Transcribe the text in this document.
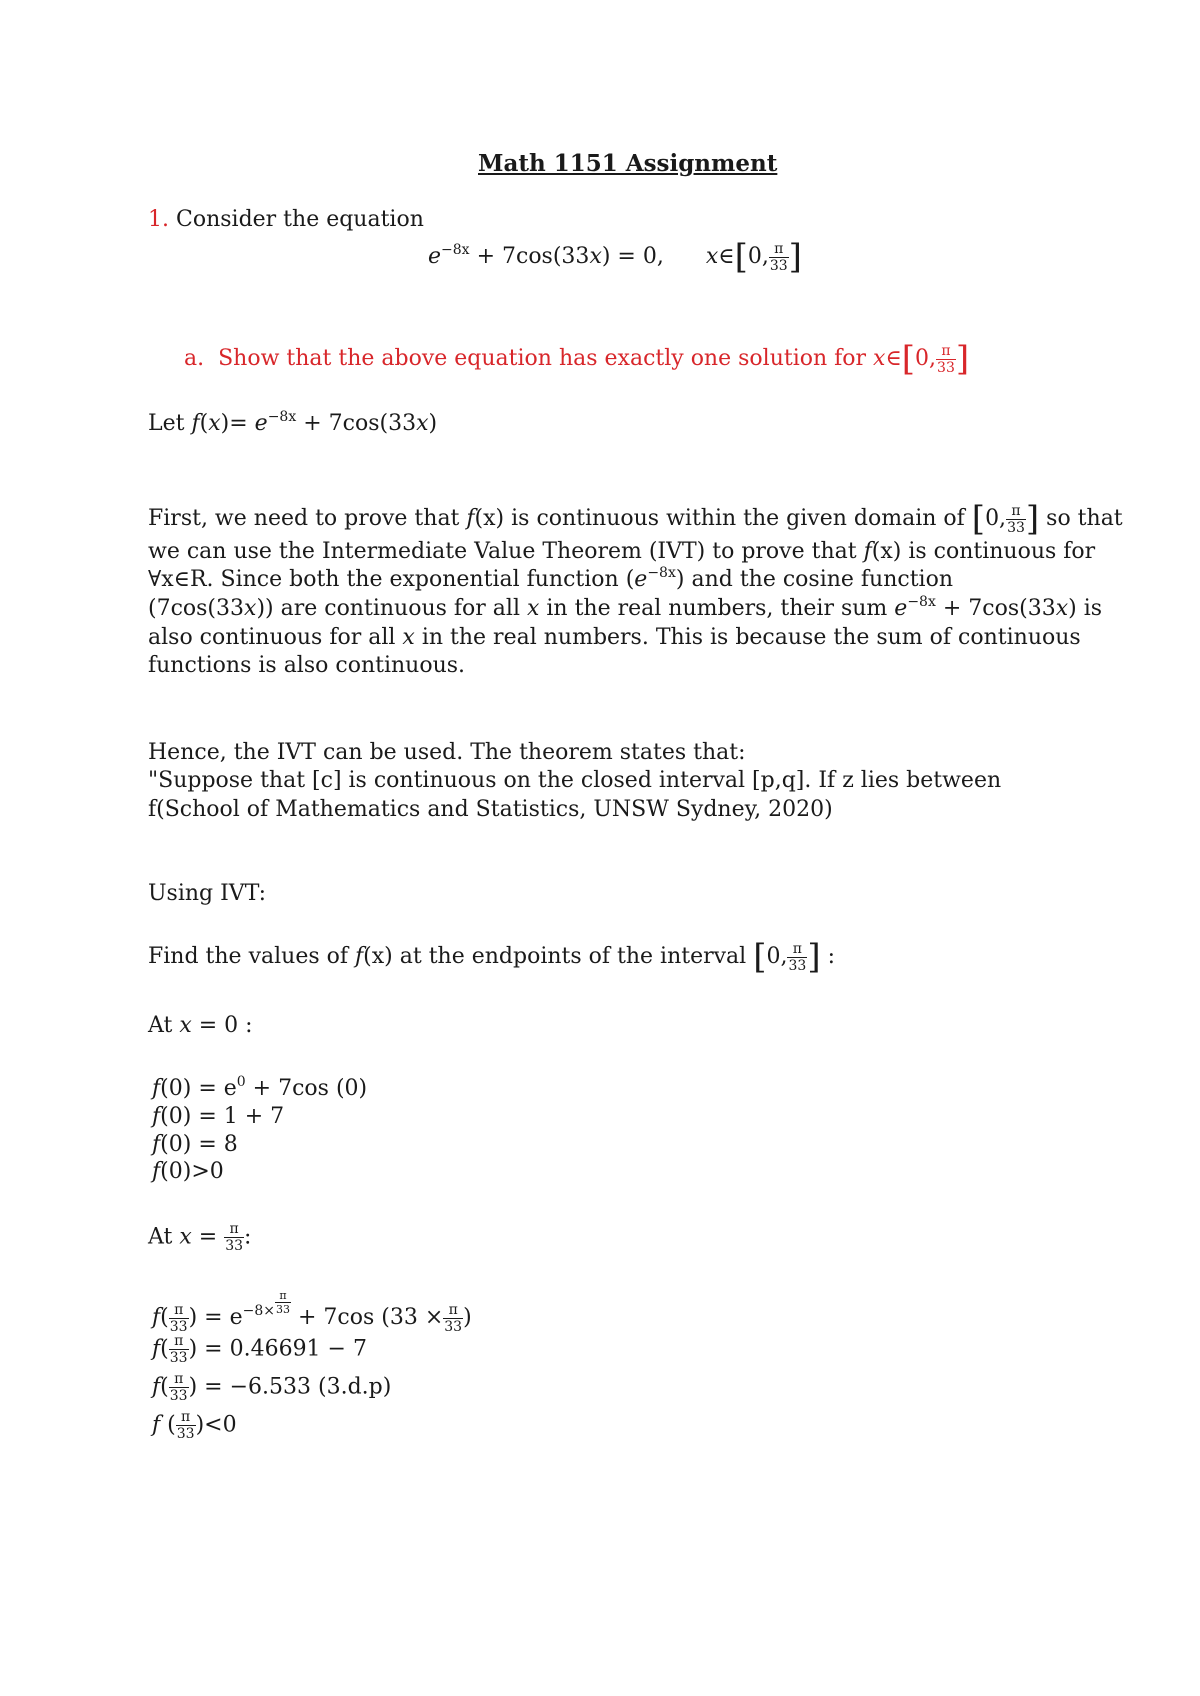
Math 1151 Assignment
1. Consider the equation
$e^{-8x} + 7\cos(33x) = 0$, x∈[0, $\frac{\pi}{33}$ ]
a. Show that the above equation has exactly one solution for x∈[0, $\frac{\pi}{33}$ ]
Let $f(x)= e^{-8x} + 7\cos(33x)$
First, we need to prove that f(x) is continuous within the given domain of [0, $\frac{\pi}{33}$ ] so that
we can use the Intermediate Value Theorem (IVT) to prove that f(x) is continuous for
∀x∈R. Since both the exponential function $(e^{-8x})$ and the cosine function
(7cos(33x)) are continuous for all x in the real numbers, their sum $e^{-8x} + 7\cos(33x)$ is
also continuous for all x in the real numbers. This is because the sum of continuous
functions is also continuous.
Hence, the IVT can be used. The theorem states that:
"Suppose that [c] is continuous on the closed interval [p,q]. If z lies between
f(School of Mathematics and Statistics, UNSW Sydney, 2020)
Using IVT:
Find the values of f(x) at the endpoints of the interval [0, $\frac{\pi}{33}$ ] :
At x = 0 :
$f(0) = e^0 + 7\cos$ (0)
f(0) = 1 + 7
f(0) = 8
f(0)>0
At $x = \frac{\pi}{33}$ :
$f( \frac{\pi}{33}$ ) = $e^{-8\times \frac{\pi}{33}}$
+ 7cos ($33 \times \frac{\pi}{33}$ )
$f( \frac{\pi}{33}$ ) = 0.46691 − 7
$f( \frac{\pi}{33}$ ) = −6.533 (3.d.p)
f ( $\frac{\pi}{33} )<0$
